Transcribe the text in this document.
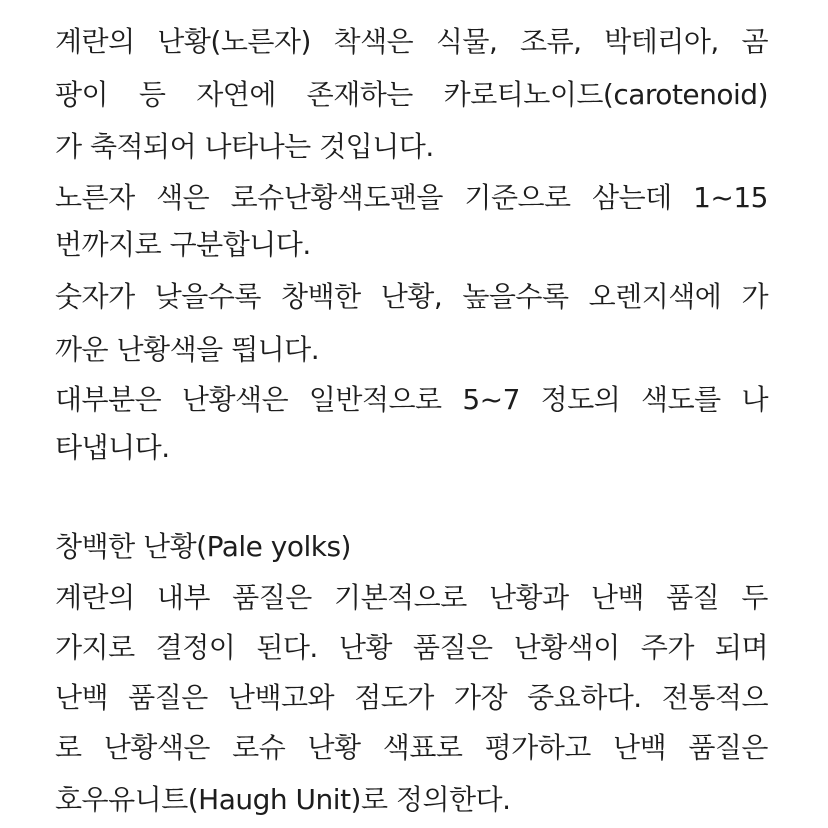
계란의 난황(노른자) 착색은 식물, 조류, 박테리아, 곰
팡이 등 자연에 존재하는 카로티노이드(carotenoid)
가 축적되어 나타나는 것입니다.
노른자 색은 로슈난황색도팬을 기준으로 삼는데 1~15
번까지로 구분합니다.
숫자가 낮을수록 창백한 난황, 높을수록 오렌지색에 가
까운 난황색을 띕니다.
대부분은 난황색은 일반적으로 5~7 정도의 색도를 나
타냅니다.
창백한 난황(Pale yolks)
계란의 내부 품질은 기본적으로 난황과 난백 품질 두
가지로 결정이 된다. 난황 품질은 난황색이 주가 되며
난백 품질은 난백고와 점도가 가장 중요하다. 전통적으
로 난황색은 로슈 난황 색표로 평가하고 난백 품질은
호우유니트(Haugh Unit)로 정의한다.
